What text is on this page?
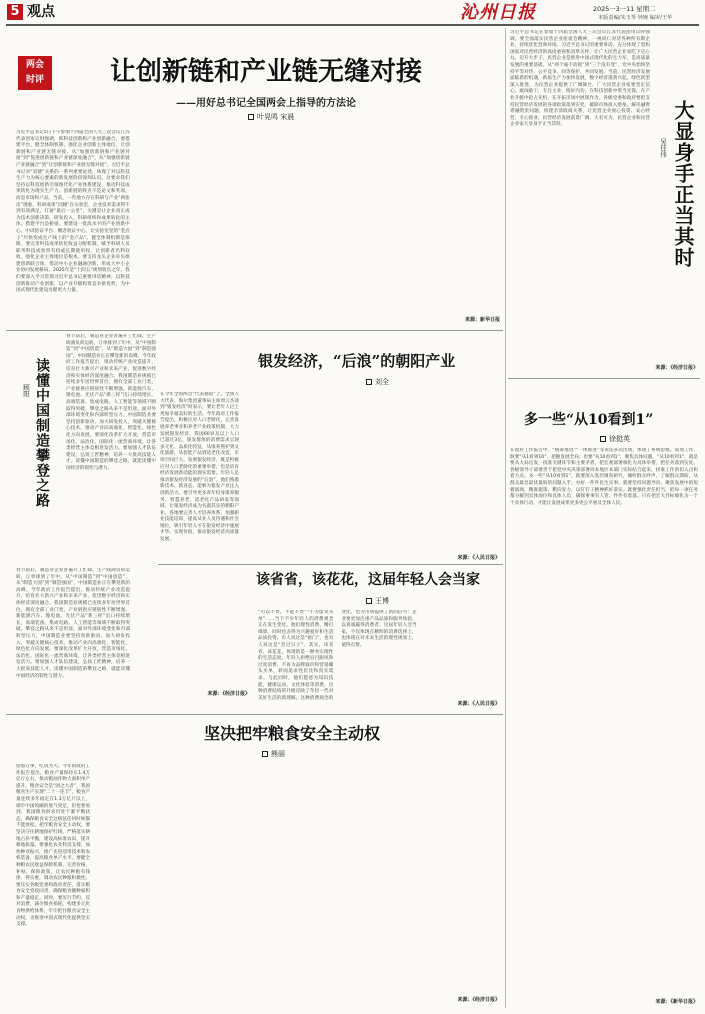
5 观点	沁州日报	2025一3一11 星期二
本版责编/朱玉琴 钟婉 编审/王华
两会
时评	让创新链和产业链无缝对接
——用好总书记全国两会上指导的方法论
叶晃鸣 宋晨
习近平总书记5日下午参加十四届全国人大三次会议江苏代表团审议时强调，抓科技创新和产业创新融合，要搭建平台、健全体制机制，强化企业创新主体地位，让创新链和产业链无缝对接。从“加强创新链和产业链对接”到“促进创新链和产业链深度融合”，从“加强创新链产业链融合”到“让创新链和产业链无缝对接”，习近平总书记对“双链”关系的一系列重要论述，体现了对以科技生产力为核心要素的新发展阶段深刻认识。这要求我们坚持以科技创新引领现代化产业体系建设，推动科技成果转化为现实生产力。创新链的终点不是论文和奖项，而是市场和产品。当前，一些地方存在科研与产业“两张皮”现象，科研成果“沉睡”在实验室，企业技术需求得不到有效满足。打通“最后一公里”，关键是让企业真正成为技术创新决策、研发投入、科研组织和成果转化的主体。搭建平台是桥梁，要建设一批高水平的产业创新中心、中试验证平台、概念验证中心，让实验室里的“金点子”尽快变成生产线上的“金产品”。健全体制机制是保障，要完善科技成果转化收益分配机制，赋予科研人员职务科技成果所有权或长期使用权，让创新者名利双收。强化企业主体地位是根本，要支持龙头企业牵头组建创新联合体，带动中小企业融通创新，形成大中小企业协同发展格局。2025年是“十四五”规划收官之年，我们要深入学习贯彻习近平总书记重要讲话精神，以科技创新推动产业创新，以产业升级构筑竞争新优势，为中国式现代化建设贡献更大力量。
来源：新华日报
习近平总书记在参加十四届全国人大三次会议江苏代表团审议时强调，要全面落实民营企业座谈会精神，一视同仁对待各种所有制企业，持续优化营商环境。习近平总书记的重要讲话，充分体现了党和国家对民营经济的高度重视和真挚关怀，让广大民营企业家吃下定心丸、迈开大步子。民营企业是推进中国式现代化的生力军，是高质量发展的重要基础。从“两个毫不动摇”到“三个没有变”，党中央始终坚持平等对待、公平竞争、同等保护、共同发展。当前，民营经济发展面临新的机遇，新质生产力加快发展，数字经济蓬勃兴起，绿色转型深入推进，为民营企业提供了广阔舞台。广大民营企业家要坚定信心，敢闯敢干，专注主业，练好内功，在科技创新中勇当先锋，在产业升级中抢占先机，在开拓市场中展现作为。各级党委和政府要把支持民营经济发展的各项政策落到实处，破除市场准入壁垒，解决融资难融资贵问题，构建亲清政商关系，让民营企业放心投资、安心经营、专心创业。民营经济发展前景广阔、大有可为，民营企业和民营企业家大显身手正当其时。	大显身手正当其时
吴佳伟
来源：《经济日报》
读懂中国制造攀登之路
顾阳
春节前后，制造业企业普遍开工忙碌，生产线满负荷运转，订单排到了年中。从“中国制造”到“中国创造”，从“制造大国”到“制造强国”，中国制造业正在攀登新的高峰。今年政府工作报告提出，推动传统产业改造提升，培育壮大新兴产业和未来产业，促进数字经济和实体经济深度融合。我国制造业规模已连续多年居世界首位，拥有全部工业门类，产业链供应链韧性不断增强。新能源汽车、锂电池、光伏产品“新三样”出口持续增长，高端装备、集成电路、人工智能等领域不断取得突破。攀登之路从来不是坦途。面对外部环境变化和内部转型压力，中国制造业要坚持创新驱动，加大研发投入，突破关键核心技术，推动产业向高端化、智能化、绿色化方向发展。要深化改革扩大开放，营造市场化、法治化、国际化一流营商环境，让各类经营主体竞相迸发活力。要加强人才队伍建设，弘扬工匠精神，培养一大批高技能人才。读懂中国制造的攀登之路，就能读懂中国经济的韧性与潜力。
春节前后，制造业企业普遍开工忙碌，生产线满负荷运转，订单排到了年中。从“中国制造”到“中国创造”，从“制造大国”到“制造强国”，中国制造业正在攀登新的高峰。今年政府工作报告提出，推动传统产业改造提升，培育壮大新兴产业和未来产业，促进数字经济和实体经济深度融合。我国制造业规模已连续多年居世界首位，拥有全部工业门类，产业链供应链韧性不断增强。新能源汽车、锂电池、光伏产品“新三样”出口持续增长，高端装备、集成电路、人工智能等领域不断取得突破。攀登之路从来不是坦途。面对外部环境变化和内部转型压力，中国制造业要坚持创新驱动，加大研发投入，突破关键核心技术，推动产业向高端化、智能化、绿色化方向发展。要深化改革扩大开放，营造市场化、法治化、国际化一流营商环境，让各类经营主体竞相迸发活力。要加强人才队伍建设，弘扬工匠精神，培养一大批高技能人才。读懂中国制造的攀登之路，就能读懂中国经济的韧性与潜力。
来源：《经济日报》
银发经济，“后浪”的朝阳产业
刘全
在今年全国两会“代表通道”上，全国人大代表、海尔集团董事局主席周云杰谈到“银发经济”时表示，要让老年人过上更加幸福美好的生活。今年政府工作报告提出，积极应对人口老龄化，完善发展养老事业和养老产业政策机制，大力发展银发经济。我国60岁及以上人口已超过3亿，银发群体的消费需求呈现多元化、品质化特征，从康养照护到文化旅游，从智能产品到适老化改造，市场空间巨大。发展银发经济，既是积极应对人口老龄化的重要举措，也是培育经济发展新动能的现实需要。年轻人是推动银发经济发展的“后浪”，他们熟悉新技术、新业态，能够为银发产业注入创新活力。要引导更多青年投身康养服务、智慧养老、适老化产品研发等领域，让银发经济成为名副其实的朝阳产业。各地要完善人才培养体系，加强职业技能培训，提高从业人员待遇和社会地位，吸引年轻人才在银发经济中施展才华、实现价值，推动银发经济高质量发展。
来源：《人民日报》
该省省，该花花，这届年轻人会当家
王博
“可以不贵，不能不贵”“不为虚荣买单”……当下不少年轻人的消费观念正在发生变化，他们理性消费、精打细算，同时也舍得为兴趣爱好和生活品质投资。有人说这是“抠门”，也有人说这是“会过日子”。其实，该省省、该花花，体现的是一种务实理性的生活态度。年轻人拒绝盲目跟风和过度消费，不再为品牌溢价和营销噱头买单，转而追求性价比和真实需求。与此同时，他们愿意为知识技能、健康运动、文化体验等消费，这种消费结构的升级反映了年轻一代对美好生活的新理解。这种消费观念的变化，也为市场提供了新的信号：企业要更加注重产品品质和服务体验，以真诚赢得消费者。这届年轻人会当家，不仅体现在精明的消费选择上，也体现在对未来生活的理性规划上，值得点赞。
来源：《人民日报》
多一些“从10看到1”
徐挺英
在政府工作报告中，“统筹推进”“一体推进”等说法多次出现，体现了系统思维。谋划工作，既要“从1看到10”，把握发展全局；也要“从10看到1”，聚焦具体问题。“从10看到1”，就是要从大局出发，找准关键环节和主要矛盾，把宏观部署细化为具体举措，把任务落到实处。各级领导干部要善于把党中央决策部署同本地区本部门实际结合起来，找准工作的切入点和着力点。多一些“从10看到1”，就要深入基层调查研究，倾听群众呼声，了解群众期盼，从群众最急最忧最盼的问题入手，办好一件件民生实事。就要坚持问题导向，聚焦发展中的短板弱项，精准施策、靶向发力，以钉钉子精神抓好落实。就要强化责任担当，把每一项任务都分解到具体岗位和具体人员，确保事事有人管、件件有着落。只有把宏大目标细化为一个个具体行动，才能让发展成果更多更公平惠及全体人民。
来源：《新华日报》
坚决把牢粮食安全主动权
熊丽
悠悠万事，吃饭为大。今年的政府工作报告提出，粮食产量保持在1.4万亿斤左右，推动粮油作物大面积单产提升。粮食安全是“国之大者”，我国粮食生产实现“二十一连丰”，粮食产量连续多年稳定在1.3万亿斤以上，端牢中国饭碗的底气更足。但也要看到，我国粮食供求仍处于紧平衡状态，确保粮食安全这根弦任何时候都不能放松。把牢粮食安全主动权，要坚决守住耕地保护红线，严格落实耕地占补平衡，建设高标准农田，提升耕地质量。要强化农业科技支撑，加快种业振兴，推广先进适用技术和农机装备，提高粮食单产水平。要健全种粮农民收益保障机制，完善价格、补贴、保险政策，让农民种粮有钱挣、得实惠，调动农民种粮积极性。要压实各级党委和政府责任，落实粮食安全党政同责，确保粮食播种面积和产量稳定。同时，要厉行节约、反对浪费，减少粮食损耗，构建多元化食物供给体系，牢牢把住粮食安全主动权，为推进中国式现代化提供坚实支撑。
来源：《经济日报》
